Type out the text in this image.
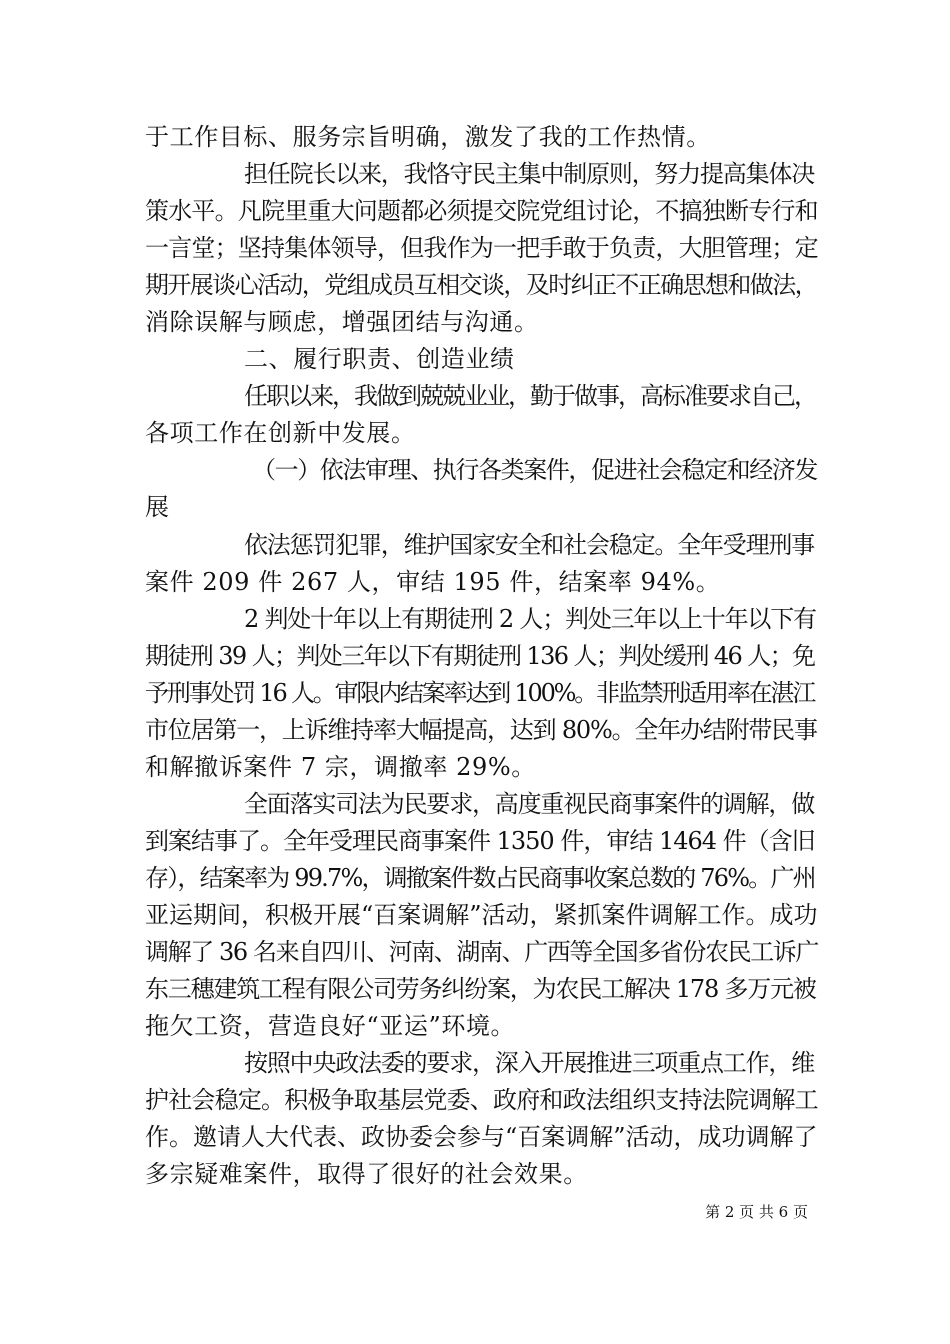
于工作目标、服务宗旨明确，激发了我的工作热情。
担任院长以来，我恪守民主集中制原则，努力提高集体决
策水平。凡院里重大问题都必须提交院党组讨论，不搞独断专行和
一言堂；坚持集体领导，但我作为一把手敢于负责，大胆管理；定
期开展谈心活动，党组成员互相交谈，及时纠正不正确思想和做法，
消除误解与顾虑，增强团结与沟通。
二、履行职责、创造业绩
任职以来，我做到兢兢业业，勤于做事，高标准要求自己，
各项工作在创新中发展。
（一）依法审理、执行各类案件，促进社会稳定和经济发
展
依法惩罚犯罪，维护国家安全和社会稳定。全年受理刑事
案件 209 件 267 人，审结 195 件，结案率 94%。
2 判处十年以上有期徒刑 2 人；判处三年以上十年以下有
期徒刑 39 人；判处三年以下有期徒刑 136 人；判处缓刑 46 人；免
予刑事处罚 16 人。审限内结案率达到 100%。非监禁刑适用率在湛江
市位居第一，上诉维持率大幅提高，达到 80%。全年办结附带民事
和解撤诉案件 7 宗，调撤率 29%。
全面落实司法为民要求，高度重视民商事案件的调解，做
到案结事了。全年受理民商事案件 1350 件，审结 1464 件（含旧
存），结案率为 99.7%，调撤案件数占民商事收案总数的 76%。广州
亚运期间，积极开展“百案调解”活动，紧抓案件调解工作。成功
调解了 36 名来自四川、河南、湖南、广西等全国多省份农民工诉广
东三穗建筑工程有限公司劳务纠纷案，为农民工解决 178 多万元被
拖欠工资，营造良好“亚运”环境。
按照中央政法委的要求，深入开展推进三项重点工作，维
护社会稳定。积极争取基层党委、政府和政法组织支持法院调解工
作。邀请人大代表、政协委会参与“百案调解”活动，成功调解了
多宗疑难案件，取得了很好的社会效果。
第 2 页 共 6 页
